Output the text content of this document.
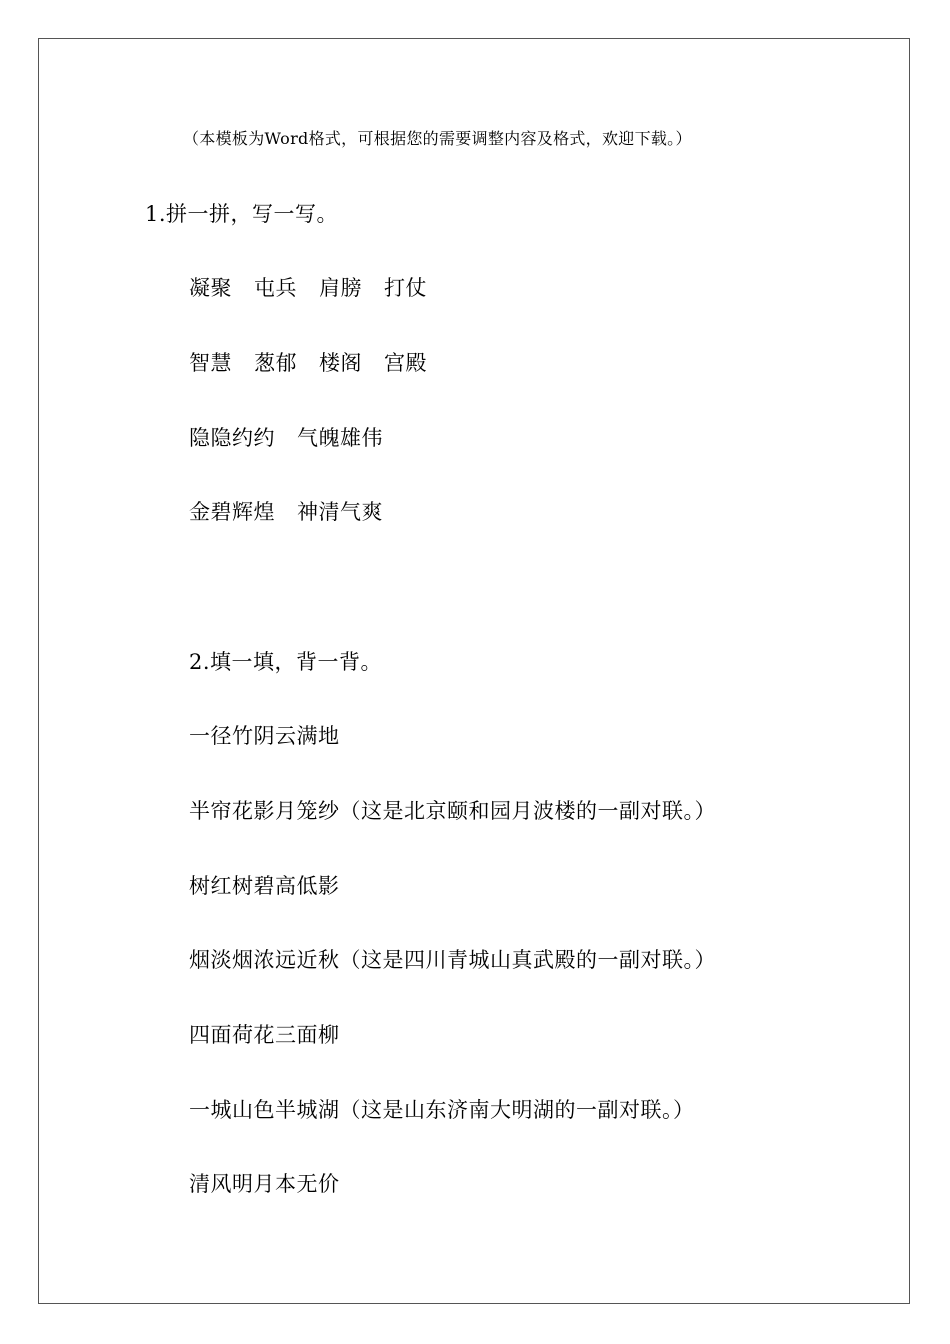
（本模板为Word格式，可根据您的需要调整内容及格式，欢迎下载。）
1.拼一拼，写一写。
凝聚 屯兵 肩膀 打仗
智慧 葱郁 楼阁 宫殿
隐隐约约 气魄雄伟
金碧辉煌 神清气爽
2.填一填，背一背。
一径竹阴云满地
半帘花影月笼纱（这是北京颐和园月波楼的一副对联。）
树红树碧高低影
烟淡烟浓远近秋（这是四川青城山真武殿的一副对联。）
四面荷花三面柳
一城山色半城湖（这是山东济南大明湖的一副对联。）
清风明月本无价
